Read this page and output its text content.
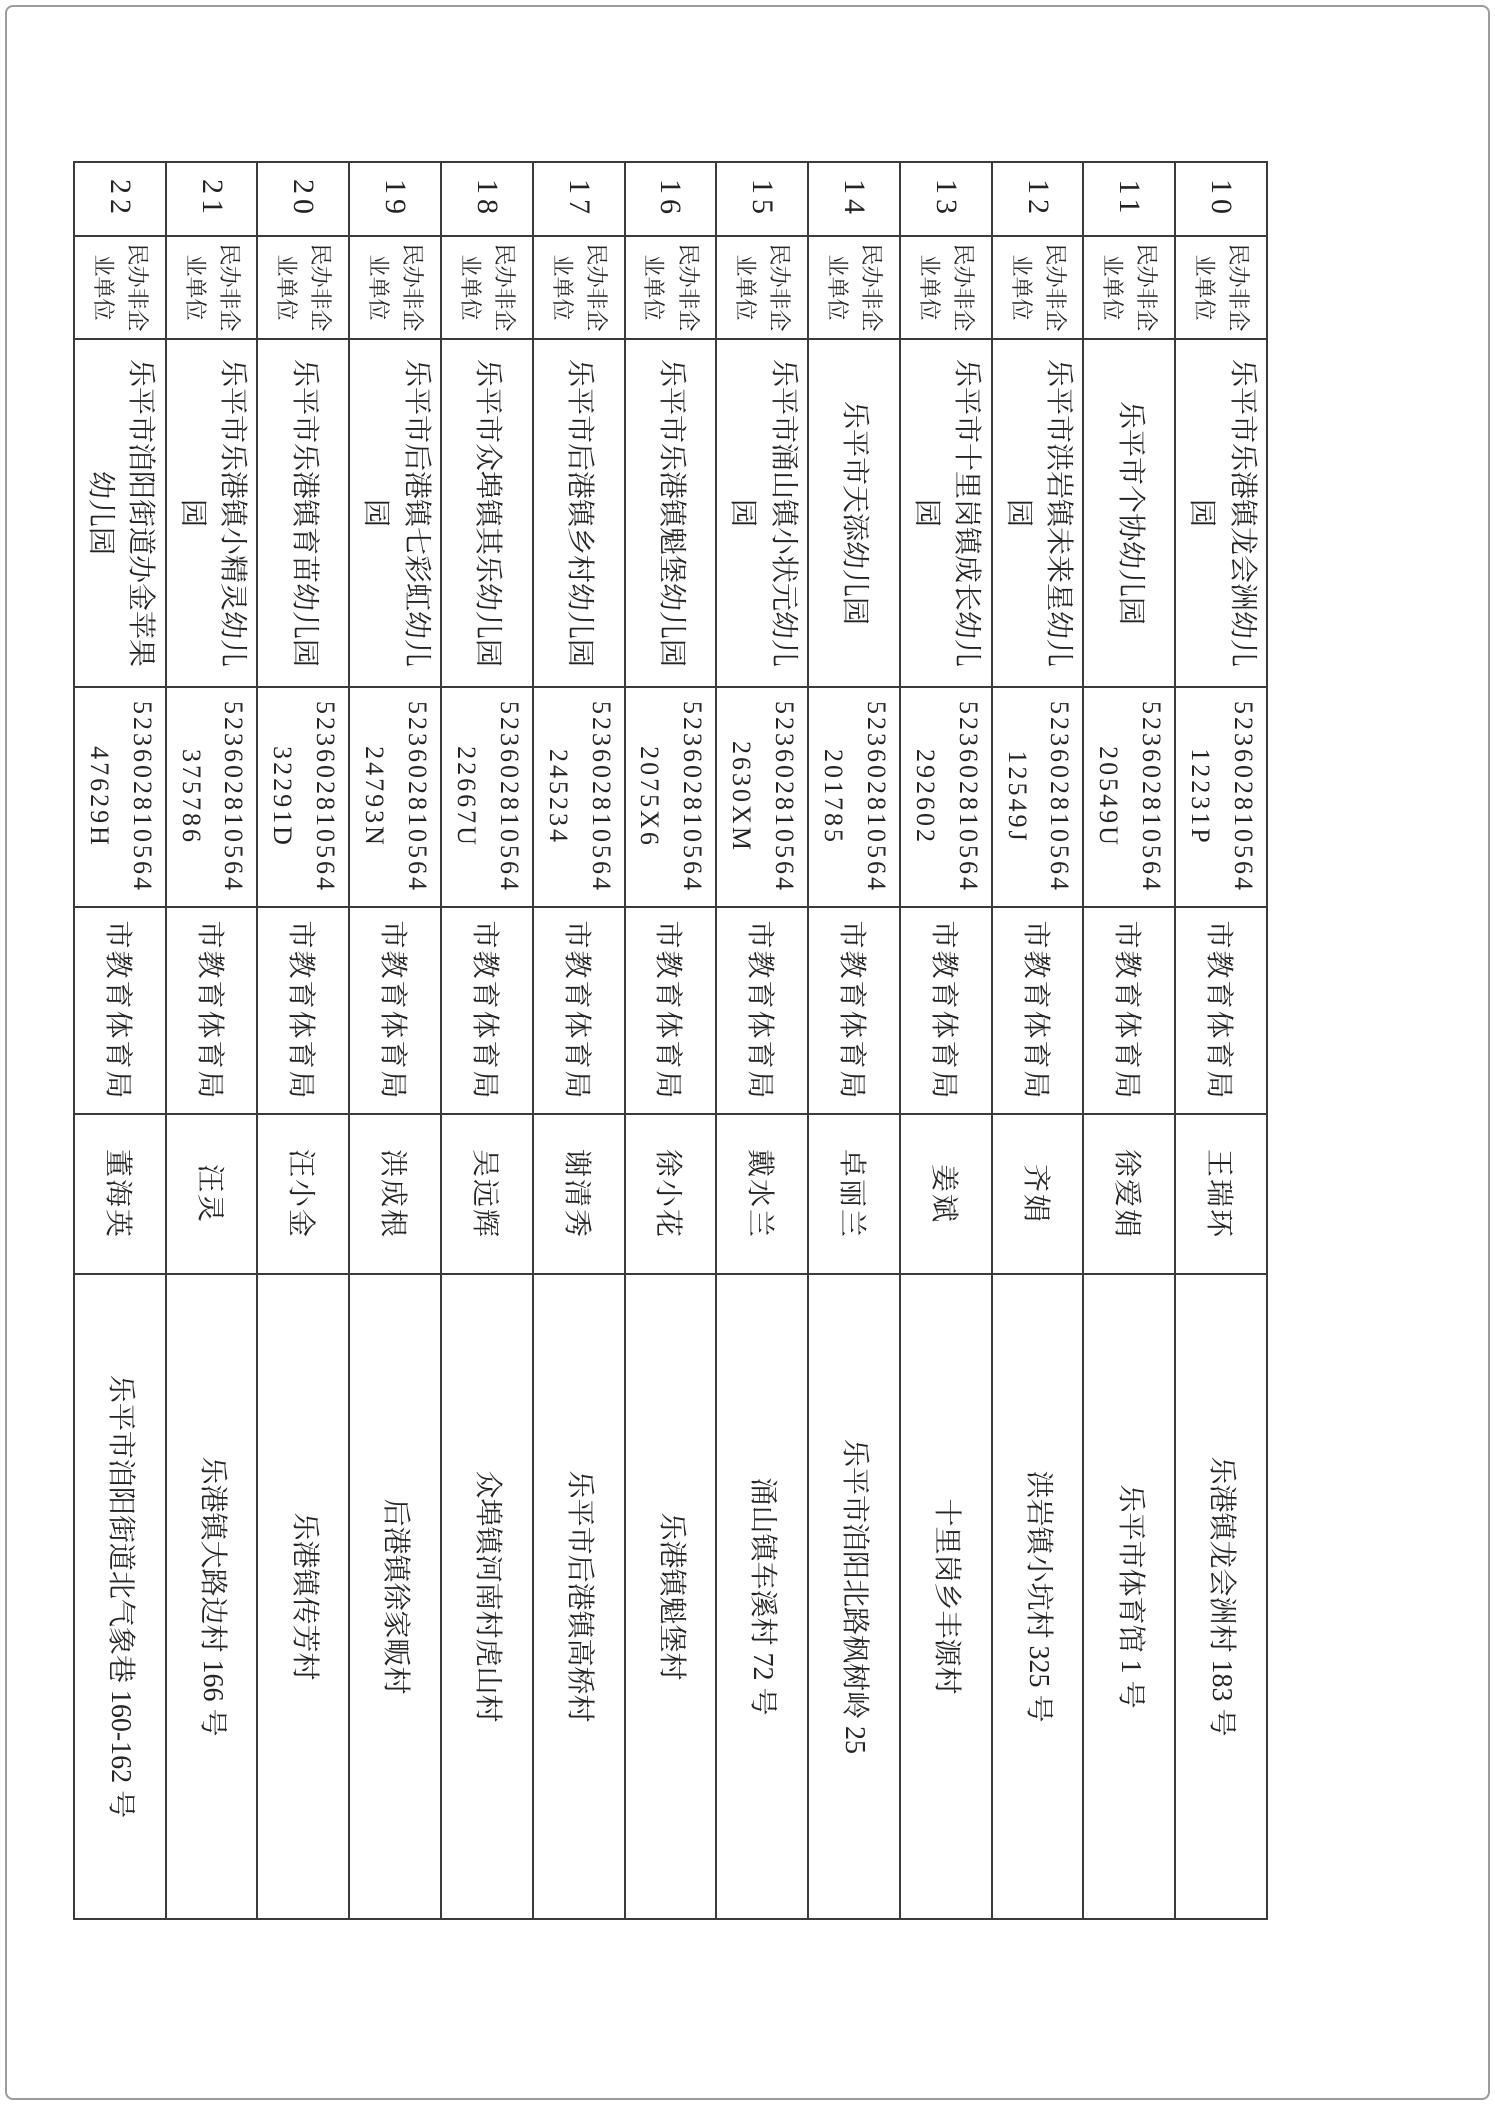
10	民办非企业单位	乐平市乐港镇龙会洲幼儿园	52360281056412231P	市教育体育局	王瑞环	乐港镇龙会洲村 183 号
11	民办非企业单位	乐平市个协幼儿园	52360281056420549U	市教育体育局	徐爱娟	乐平市体育馆 1 号
12	民办非企业单位	乐平市洪岩镇未来星幼儿园	52360281056412549J	市教育体育局	齐娟	洪岩镇小坑村 325 号
13	民办非企业单位	乐平市十里岗镇成长幼儿园	523602810564292602	市教育体育局	姜斌	十里岗乡丰源村
14	民办非企业单位	乐平市天添幼儿园	523602810564201785	市教育体育局	卓丽兰	乐平市洎阳北路枫树岭 25
15	民办非企业单位	乐平市涌山镇小状元幼儿园	5236028105642630XM	市教育体育局	戴水兰	涌山镇车溪村 72 号
16	民办非企业单位	乐平市乐港镇魁堡幼儿园	5236028105642075X6	市教育体育局	徐小花	乐港镇魁堡村
17	民办非企业单位	乐平市后港镇乡村幼儿园	523602810564245234	市教育体育局	谢清秀	乐平市后港镇高桥村
18	民办非企业单位	乐平市众埠镇其乐幼儿园	52360281056422667U	市教育体育局	吴远辉	众埠镇河南村虎山村
19	民办非企业单位	乐平市后港镇七彩虹幼儿园	52360281056424793N	市教育体育局	洪成根	后港镇徐家畈村
20	民办非企业单位	乐平市乐港镇育苗幼儿园	52360281056432291D	市教育体育局	汪小金	乐港镇传芳村
21	民办非企业单位	乐平市乐港镇小精灵幼儿园	523602810564375786	市教育体育局	汪灵	乐港镇大路边村 166 号
22	民办非企业单位	乐平市洎阳街道办金苹果幼儿园	52360281056447629H	市教育体育局	董海英	乐平市洎阳街道北气象巷 160-162 号
